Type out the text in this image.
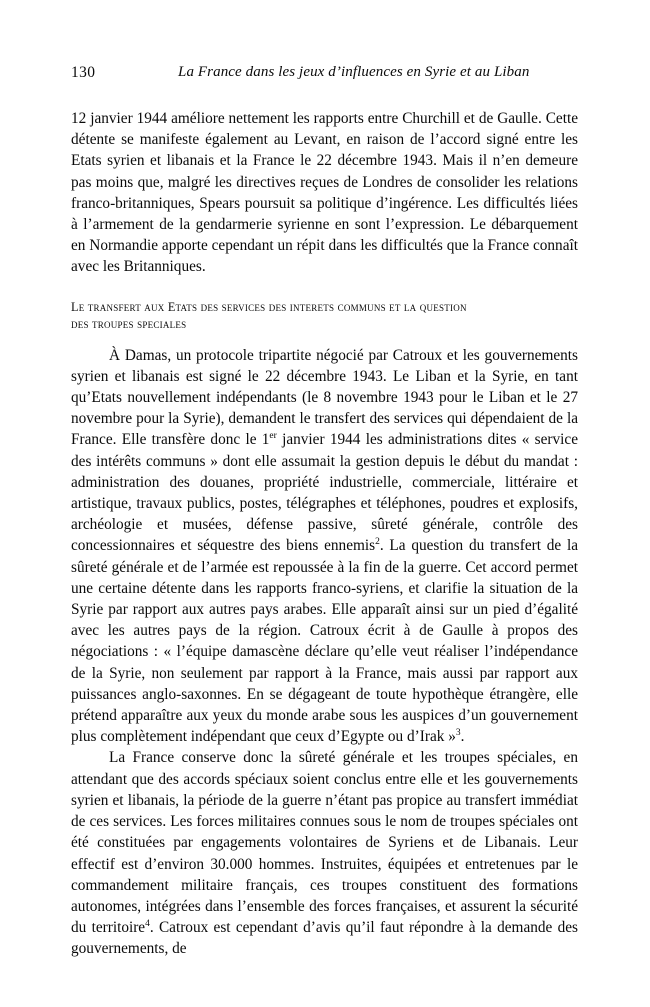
130	La France dans les jeux d’influences en Syrie et au Liban

12 janvier 1944 améliore nettement les rapports entre Churchill et de Gaulle. Cette détente se manifeste également au Levant, en raison de l’accord signé entre les Etats syrien et libanais et la France le 22 décembre 1943. Mais il n’en demeure pas moins que, malgré les directives reçues de Londres de consolider les relations franco-britanniques, Spears poursuit sa politique d’ingérence. Les difficultés liées à l’armement de la gendarmerie syrienne en sont l’expression. Le débarquement en Normandie apporte cependant un répit dans les difficultés que la France connaît avec les Britanniques.

Le transfert aux Etats des services des interets communs et la question
des troupes speciales

À Damas, un protocole tripartite négocié par Catroux et les gouvernements syrien et libanais est signé le 22 décembre 1943. Le Liban et la Syrie, en tant qu’Etats nouvellement indépendants (le 8 novembre 1943 pour le Liban et le 27 novembre pour la Syrie), demandent le transfert des services qui dépendaient de la France. Elle transfère donc le 1er janvier 1944 les administrations dites « service des intérêts communs » dont elle assumait la gestion depuis le début du mandat : administration des douanes, propriété industrielle, commerciale, littéraire et artistique, travaux publics, postes, télégraphes et téléphones, poudres et explosifs, archéologie et musées, défense passive, sûreté générale, contrôle des concessionnaires et séquestre des biens ennemis$^2$. La question du transfert de la sûreté générale et de l’armée est repoussée à la fin de la guerre. Cet accord permet une certaine détente dans les rapports franco-syriens, et clarifie la situation de la Syrie par rapport aux autres pays arabes. Elle apparaît ainsi sur un pied d’égalité avec les autres pays de la région. Catroux écrit à de Gaulle à propos des négociations : « l’équipe damascène déclare qu’elle veut réaliser l’indépendance de la Syrie, non seulement par rapport à la France, mais aussi par rapport aux puissances anglo-saxonnes. En se dégageant de toute hypothèque étrangère, elle prétend apparaître aux yeux du monde arabe sous les auspices d’un gouvernement plus complètement indépendant que ceux d’Egypte ou d’Irak »$^3$.

La France conserve donc la sûreté générale et les troupes spéciales, en attendant que des accords spéciaux soient conclus entre elle et les gouvernements syrien et libanais, la période de la guerre n’étant pas propice au transfert immédiat de ces services. Les forces militaires connues sous le nom de troupes spéciales ont été constituées par engagements volontaires de Syriens et de Libanais. Leur effectif est d’environ 30.000 hommes. Instruites, équipées et entretenues par le commandement militaire français, ces troupes constituent des formations autonomes, intégrées dans l’ensemble des forces françaises, et assurent la sécurité du territoire$^4$. Catroux est cependant d’avis qu’il faut répondre à la demande des gouvernements, de
